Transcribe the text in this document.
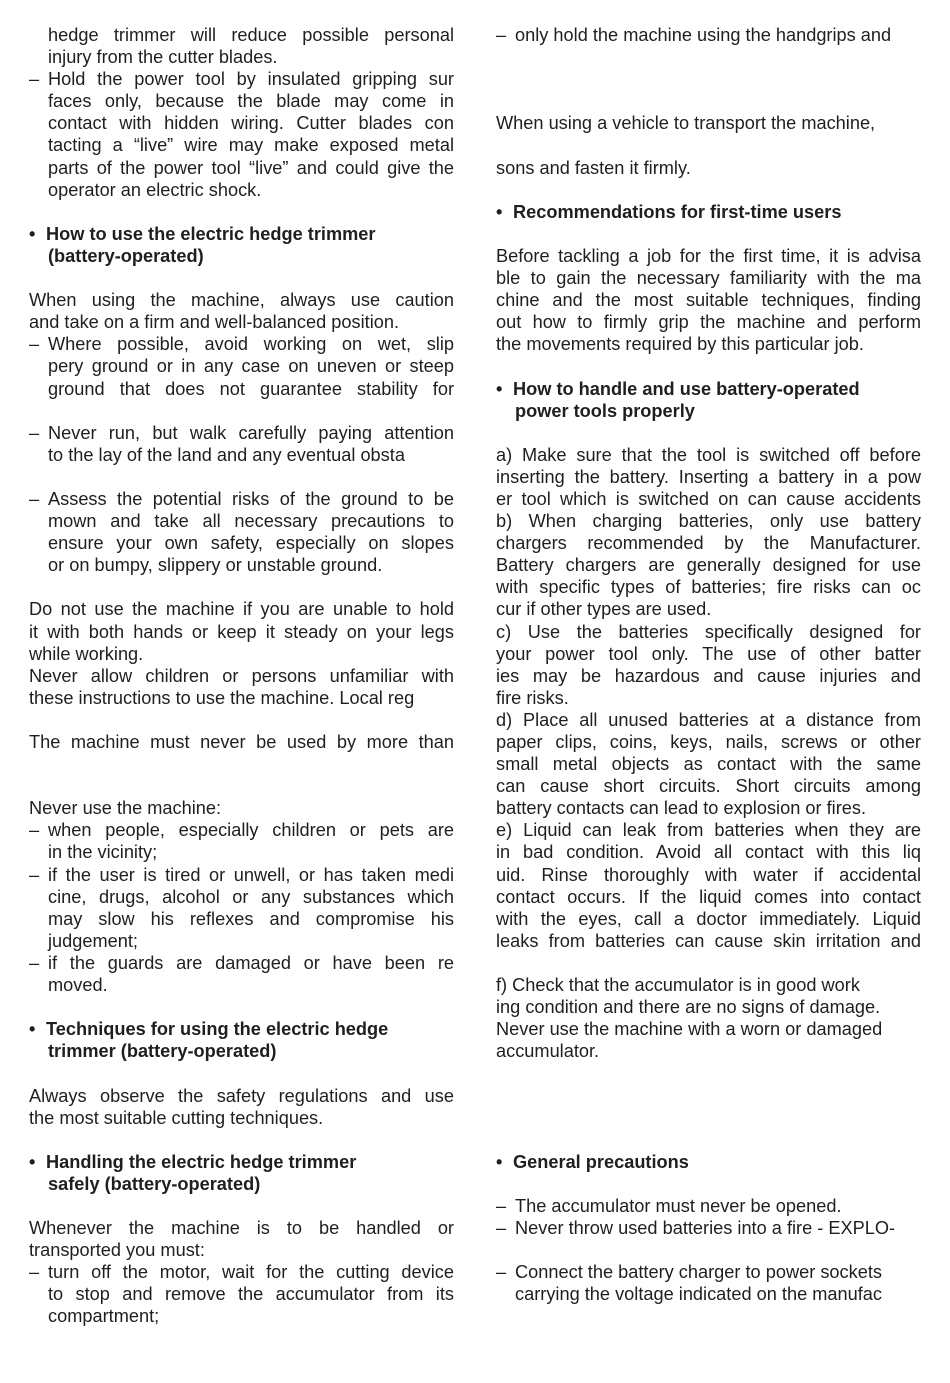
hedge trimmer will reduce possible personal
injury from the cutter blades.
– Hold the power tool by insulated gripping sur
faces only, because the blade may come in
contact with hidden wiring. Cutter blades con
tacting a “live” wire may make exposed metal
parts of the power tool “live” and could give the
operator an electric shock.
• How to use the electric hedge trimmer
(battery-operated)
When using the machine, always use caution
and take on a firm and well-balanced position.
– Where possible, avoid working on wet, slip
pery ground or in any case on uneven or steep
ground that does not guarantee stability for
– Never run, but walk carefully paying attention
to the lay of the land and any eventual obsta
– Assess the potential risks of the ground to be
mown and take all necessary precautions to
ensure your own safety, especially on slopes
or on bumpy, slippery or unstable ground.
Do not use the machine if you are unable to hold
it with both hands or keep it steady on your legs
while working.
Never allow children or persons unfamiliar with
these instructions to use the machine. Local reg
The machine must never be used by more than
Never use the machine:
– when people, especially children or pets are
in the vicinity;
– if the user is tired or unwell, or has taken medi
cine, drugs, alcohol or any substances which
may slow his reflexes and compromise his
judgement;
– if the guards are damaged or have been re
moved.
• Techniques for using the electric hedge
trimmer (battery-operated)
Always observe the safety regulations and use
the most suitable cutting techniques.
• Handling the electric hedge trimmer
safely (battery-operated)
Whenever the machine is to be handled or
transported you must:
– turn off the motor, wait for the cutting device
to stop and remove the accumulator from its
compartment;
– only hold the machine using the handgrips and
When using a vehicle to transport the machine,
sons and fasten it firmly.
• Recommendations for first-time users
Before tackling a job for the first time, it is advisa
ble to gain the necessary familiarity with the ma
chine and the most suitable techniques, finding
out how to firmly grip the machine and perform
the movements required by this particular job.
• How to handle and use battery-operated
power tools properly
a) Make sure that the tool is switched off before
inserting the battery. Inserting a battery in a pow
er tool which is switched on can cause accidents
b) When charging batteries, only use battery
chargers recommended by the Manufacturer.
Battery chargers are generally designed for use
with specific types of batteries; fire risks can oc
cur if other types are used.
c) Use the batteries specifically designed for
your power tool only. The use of other batter
ies may be hazardous and cause injuries and
fire risks.
d) Place all unused batteries at a distance from
paper clips, coins, keys, nails, screws or other
small metal objects as contact with the same
can cause short circuits. Short circuits among
battery contacts can lead to explosion or fires.
e) Liquid can leak from batteries when they are
in bad condition. Avoid all contact with this liq
uid. Rinse thoroughly with water if accidental
contact occurs. If the liquid comes into contact
with the eyes, call a doctor immediately. Liquid
leaks from batteries can cause skin irritation and
f) Check that the accumulator is in good work
ing condition and there are no signs of damage.
Never use the machine with a worn or damaged
accumulator.
• General precautions
– The accumulator must never be opened.
– Never throw used batteries into a fire - EXPLO-
– Connect the battery charger to power sockets
carrying the voltage indicated on the manufac
